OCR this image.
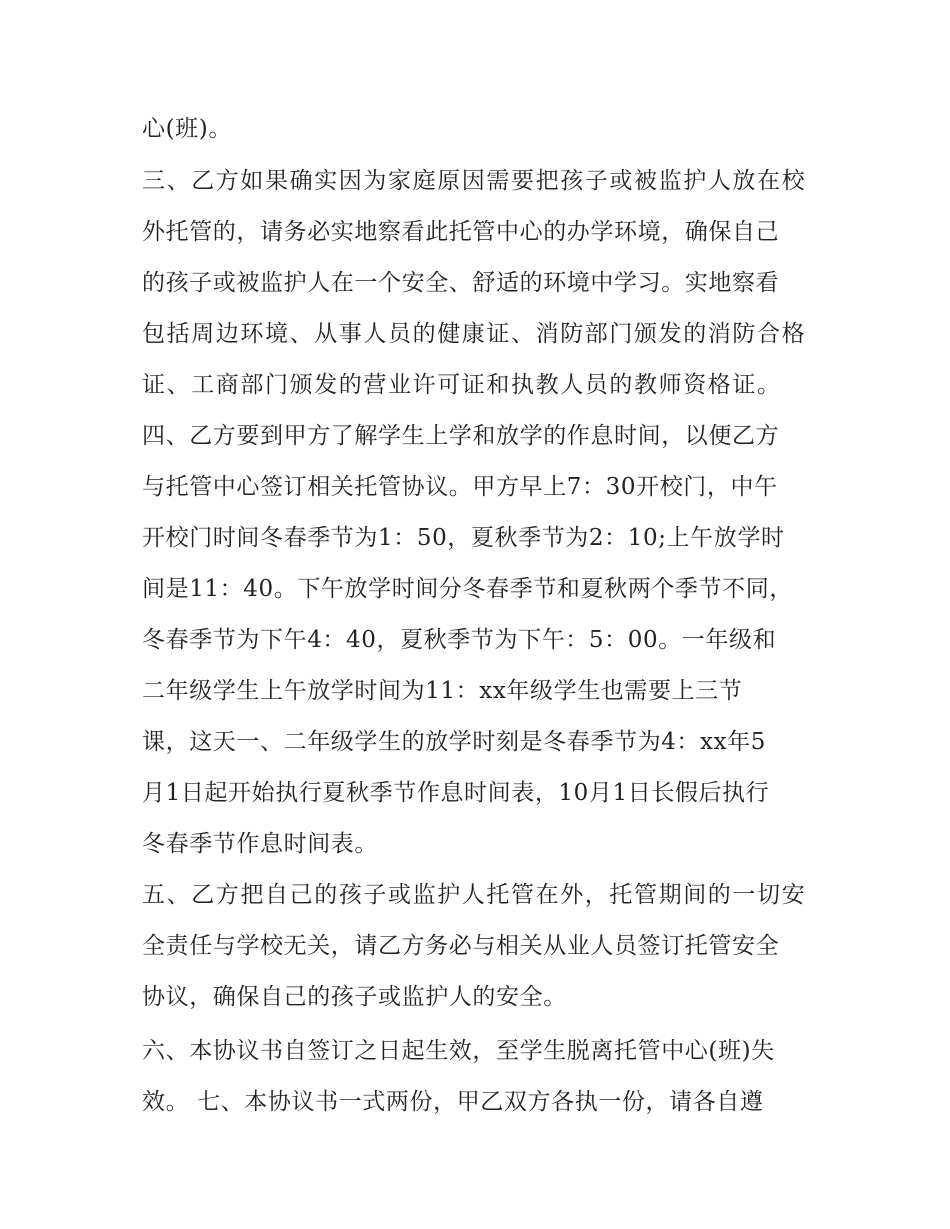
心(班)。
三、乙方如果确实因为家庭原因需要把孩子或被监护人放在校
外托管的，请务必实地察看此托管中心的办学环境，确保自己
的孩子或被监护人在一个安全、舒适的环境中学习。实地察看
包括周边环境、从事人员的健康证、消防部门颁发的消防合格
证、工商部门颁发的营业许可证和执教人员的教师资格证。
四、乙方要到甲方了解学生上学和放学的作息时间，以便乙方
与托管中心签订相关托管协议。甲方早上7：30开校门，中午
开校门时间冬春季节为1：50，夏秋季节为2：10;上午放学时
间是11：40。下午放学时间分冬春季节和夏秋两个季节不同，
冬春季节为下午4：40，夏秋季节为下午：5：00。一年级和
二年级学生上午放学时间为11：xx年级学生也需要上三节
课，这天一、二年级学生的放学时刻是冬春季节为4：xx年5
月1日起开始执行夏秋季节作息时间表，10月1日长假后执行
冬春季节作息时间表。
五、乙方把自己的孩子或监护人托管在外，托管期间的一切安
全责任与学校无关，请乙方务必与相关从业人员签订托管安全
协议，确保自己的孩子或监护人的安全。
六、本协议书自签订之日起生效，至学生脱离托管中心(班)失
效。 七、本协议书一式两份，甲乙双方各执一份，请各自遵
